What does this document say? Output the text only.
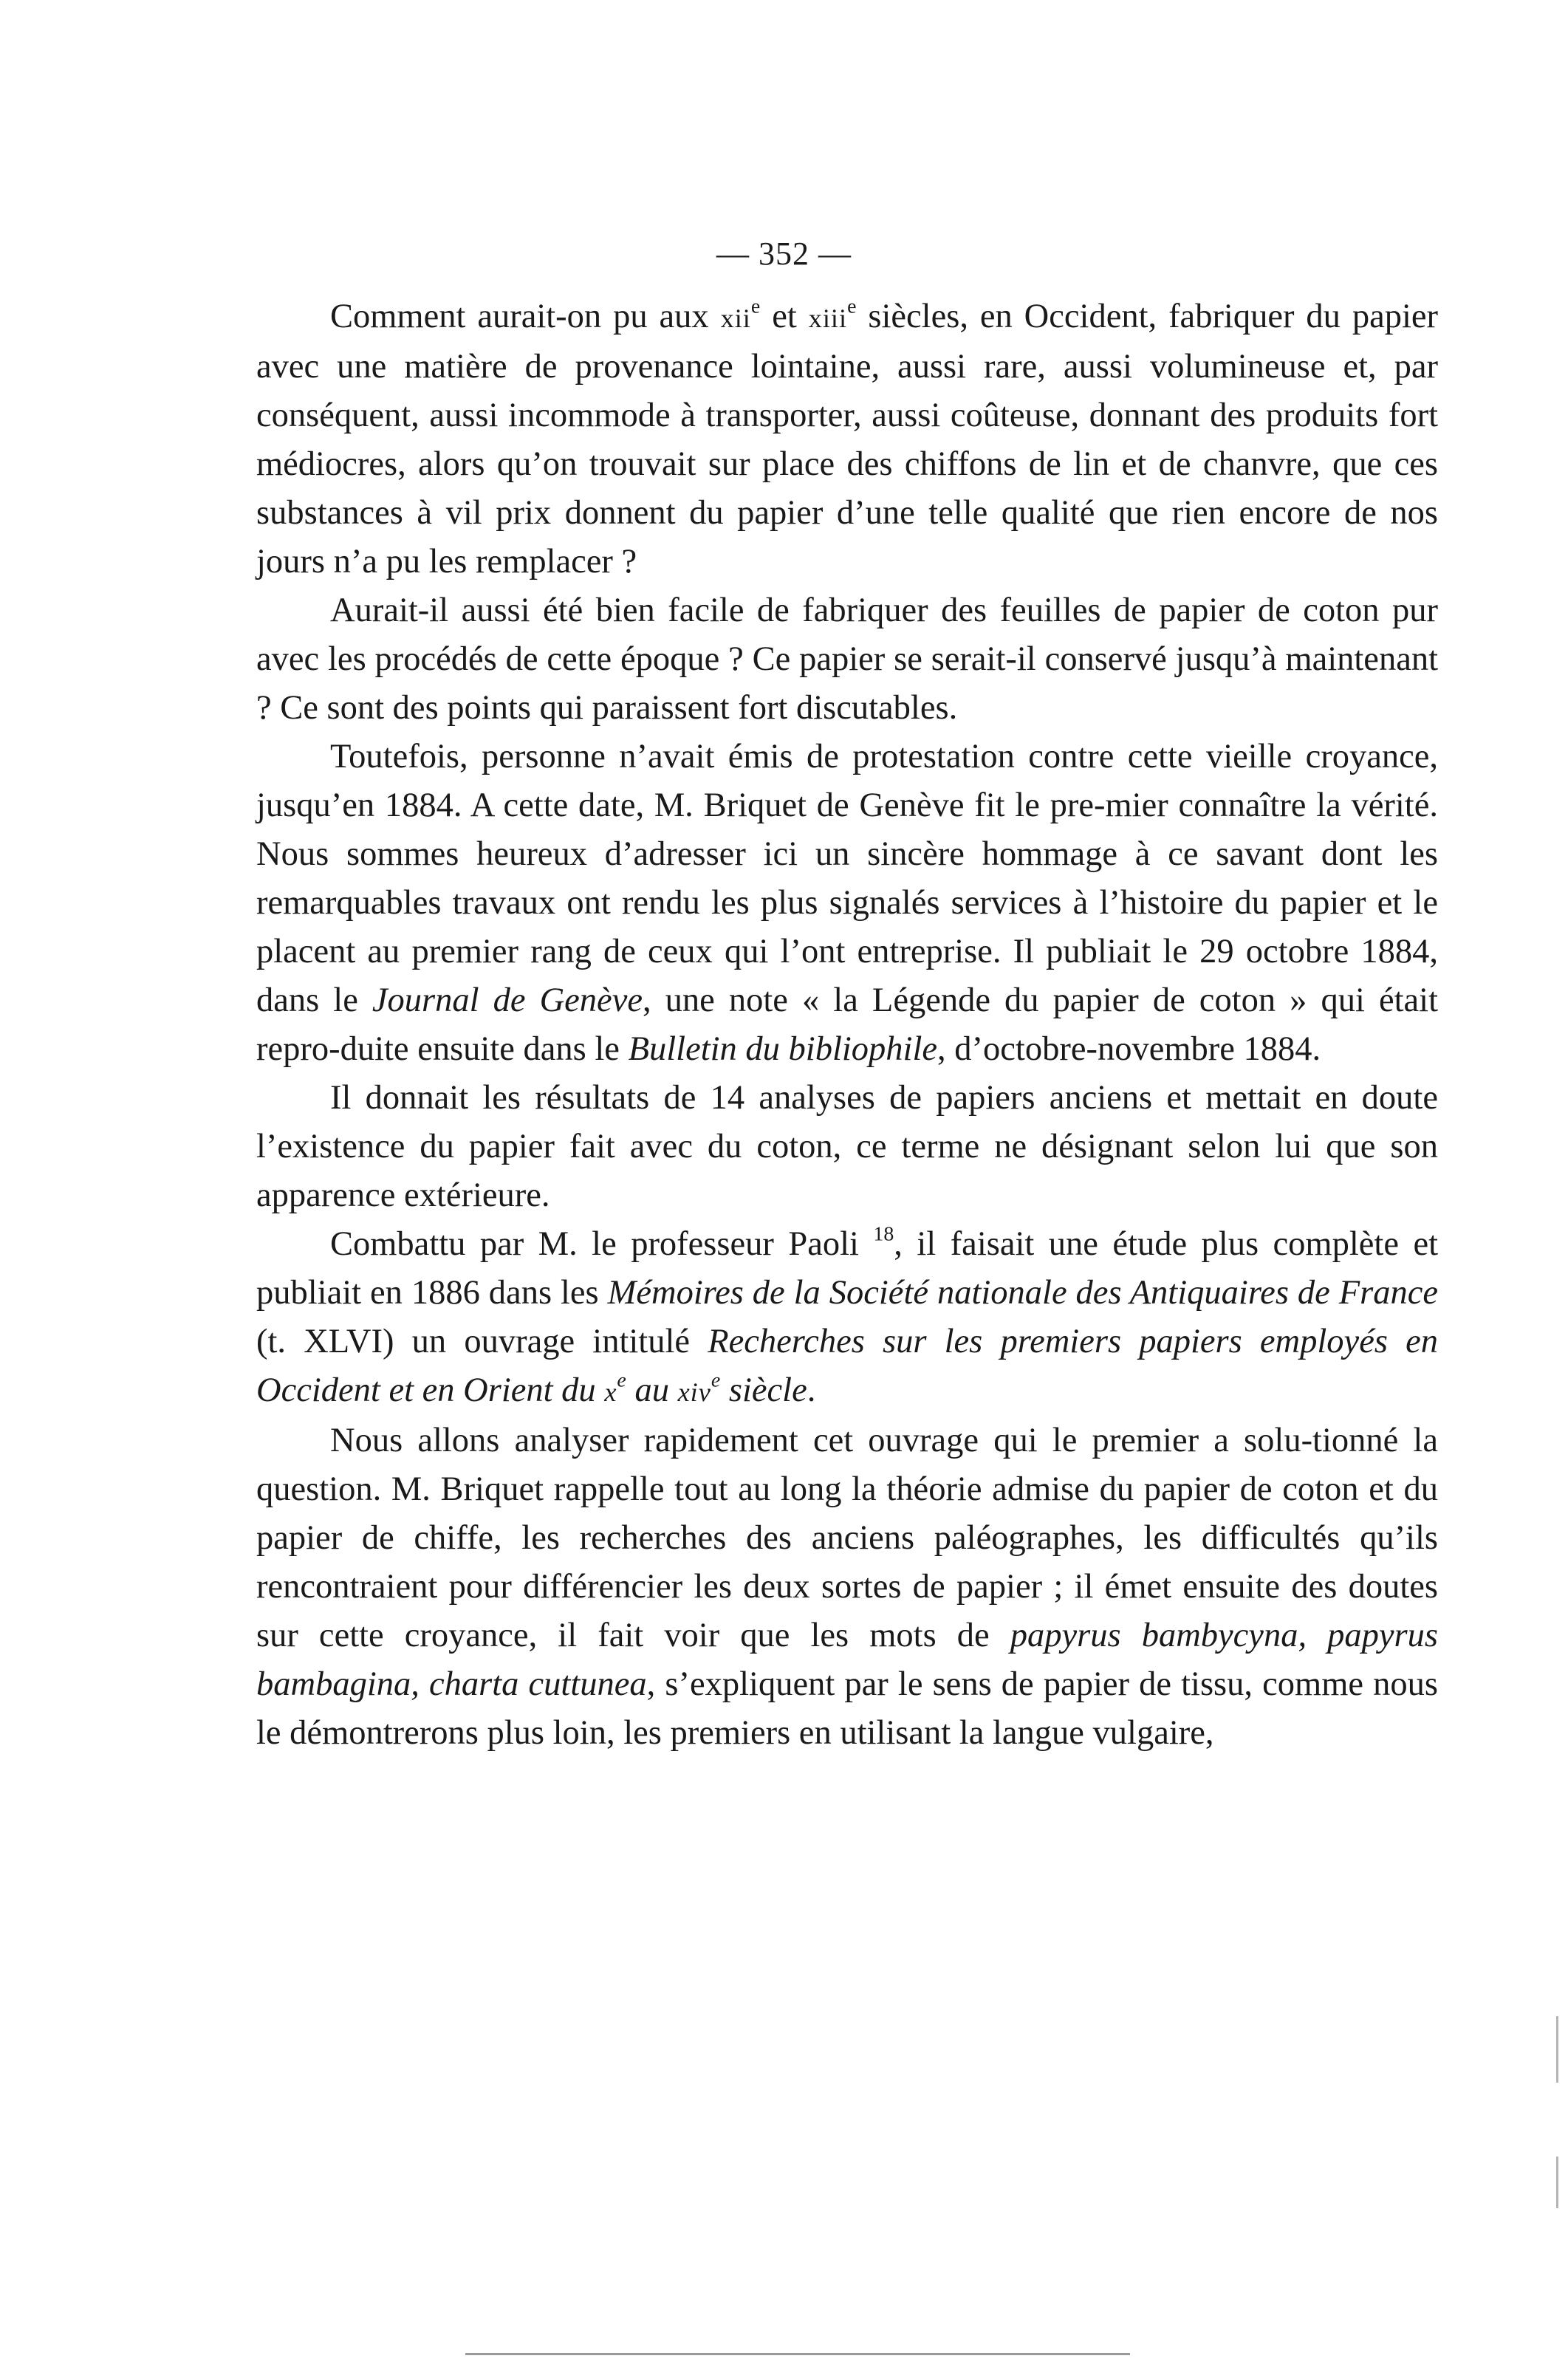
— 352 —

Comment aurait-on pu aux xii$^e$ et xiii$^e$ siècles, en Occident, fabriquer du papier avec une matière de provenance lointaine, aussi rare, aussi volumineuse et, par conséquent, aussi incommode à transporter, aussi coûteuse, donnant des produits fort médiocres, alors qu’on trouvait sur place des chiffons de lin et de chanvre, que ces substances à vil prix donnent du papier d’une telle qualité que rien encore de nos jours n’a pu les remplacer ?

Aurait-il aussi été bien facile de fabriquer des feuilles de papier de coton pur avec les procédés de cette époque ? Ce papier se serait-il conservé jusqu’à maintenant ? Ce sont des points qui paraissent fort discutables.

Toutefois, personne n’avait émis de protestation contre cette vieille croyance, jusqu’en 1884. A cette date, M. Briquet de Genève fit le pre-mier connaître la vérité. Nous sommes heureux d’adresser ici un sincère hommage à ce savant dont les remarquables travaux ont rendu les plus signalés services à l’histoire du papier et le placent au premier rang de ceux qui l’ont entreprise. Il publiait le 29 octobre 1884, dans le Journal de Genève, une note « la Légende du papier de coton » qui était repro-duite ensuite dans le Bulletin du bibliophile, d’octobre-novembre 1884.

Il donnait les résultats de 14 analyses de papiers anciens et mettait en doute l’existence du papier fait avec du coton, ce terme ne désignant selon lui que son apparence extérieure.

Combattu par M. le professeur Paoli $^{18}$, il faisait une étude plus complète et publiait en 1886 dans les Mémoires de la Société nationale des Antiquaires de France (t. XLVI) un ouvrage intitulé Recherches sur les premiers papiers employés en Occident et en Orient du $x^e$ au xiv$^e$ siècle.

Nous allons analyser rapidement cet ouvrage qui le premier a solu-tionné la question. M. Briquet rappelle tout au long la théorie admise du papier de coton et du papier de chiffe, les recherches des anciens paléographes, les difficultés qu’ils rencontraient pour différencier les deux sortes de papier ; il émet ensuite des doutes sur cette croyance, il fait voir que les mots de papyrus bambycyna, papyrus bambagina, charta cuttunea, s’expliquent par le sens de papier de tissu, comme nous le démontrerons plus loin, les premiers en utilisant la langue vulgaire,
